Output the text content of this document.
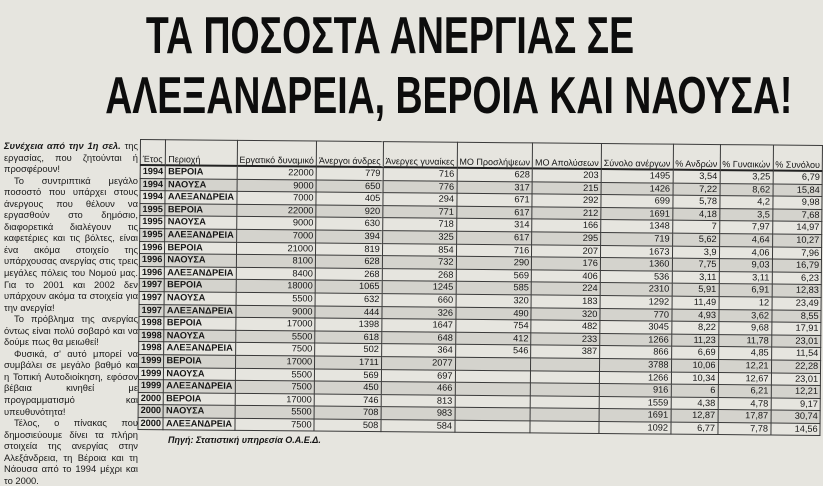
ΤΑ ΠΟΣΟΣΤΑ ΑΝΕΡΓΙΑΣ ΣΕ
ΑΛΕΞΑΝΔΡΕΙΑ, ΒΕΡΟΙΑ ΚΑΙ ΝΑΟΥΣΑ!

Συνέχεια από την 1η σελ. της εργασίας, που ζητούνται ή προσφέρουν!

Το συντριπτικά μεγάλο ποσοστό που υπάρχει στους άνεργους που θέλουν να εργασθούν στο δημόσιο, διαφορετικά διαλέγουν τις καφετέριες και τις βόλτες, είναι ένα ακόμα στοιχείο της υπάρχουσας ανεργίας στις τρεις μεγάλες πόλεις του Νομού μας. Για το 2001 και 2002 δεν υπάρχουν ακόμα τα στοιχεία για την ανεργία!

Το πρόβλημα της ανεργίας όντως είναι πολύ σοβαρό και να δούμε πως θα μειωθεί!

Φυσικά, σ' αυτό μπορεί να συμβάλει σε μεγάλο βαθμό και η Τοπική Αυτοδιοίκηση, εφόσον βέβαια κινηθεί με προγραμματισμό και υπευθυνότητα!

Τέλος, ο πίνακας που δημοσιεύουμε δίνει τα πλήρη στοιχεία της ανεργίας στην Αλεξάνδρεια, τη Βέροια και τη Νάουσα από το 1994 μέχρι και το 2000.

Έτος	Περιοχή	Εργατικό δυναμικό	Άνεργοι άνδρες	Άνεργες γυναίκες	ΜΟ Προσλήψεων	ΜΟ Απολύσεων	Σύνολο ανέργων	% Ανδρών	% Γυναικών	% Συνόλου
1994	ΒΕΡΟΙΑ	22000	779	716	628	203	1495	3,54	3,25	6,79
1994	ΝΑΟΥΣΑ	9000	650	776	317	215	1426	7,22	8,62	15,84
1994	ΑΛΕΞΑΝΔΡΕΙΑ	7000	405	294	671	292	699	5,78	4,2	9,98
1995	ΒΕΡΟΙΑ	22000	920	771	617	212	1691	4,18	3,5	7,68
1995	ΝΑΟΥΣΑ	9000	630	718	314	166	1348	7	7,97	14,97
1995	ΑΛΕΞΑΝΔΡΕΙΑ	7000	394	325	617	295	719	5,62	4,64	10,27
1996	ΒΕΡΟΙΑ	21000	819	854	716	207	1673	3,9	4,06	7,96
1996	ΝΑΟΥΣΑ	8100	628	732	290	176	1360	7,75	9,03	16,79
1996	ΑΛΕΞΑΝΔΡΕΙΑ	8400	268	268	569	406	536	3,11	3,11	6,23
1997	ΒΕΡΟΙΑ	18000	1065	1245	585	224	2310	5,91	6,91	12,83
1997	ΝΑΟΥΣΑ	5500	632	660	320	183	1292	11,49	12	23,49
1997	ΑΛΕΞΑΝΔΡΕΙΑ	9000	444	326	490	320	770	4,93	3,62	8,55
1998	ΒΕΡΟΙΑ	17000	1398	1647	754	482	3045	8,22	9,68	17,91
1998	ΝΑΟΥΣΑ	5500	618	648	412	233	1266	11,23	11,78	23,01
1998	ΑΛΕΞΑΝΔΡΕΙΑ	7500	502	364	546	387	866	6,69	4,85	11,54
1999	ΒΕΡΟΙΑ	17000	1711	2077			3788	10,06	12,21	22,28
1999	ΝΑΟΥΣΑ	5500	569	697			1266	10,34	12,67	23,01
1999	ΑΛΕΞΑΝΔΡΕΙΑ	7500	450	466			916	6	6,21	12,21
2000	ΒΕΡΟΙΑ	17000	746	813			1559	4,38	4,78	9,17
2000	ΝΑΟΥΣΑ	5500	708	983			1691	12,87	17,87	30,74
2000	ΑΛΕΞΑΝΔΡΕΙΑ	7500	508	584			1092	6,77	7,78	14,56
Πηγή: Στατιστική υπηρεσία Ο.Α.Ε.Δ.
